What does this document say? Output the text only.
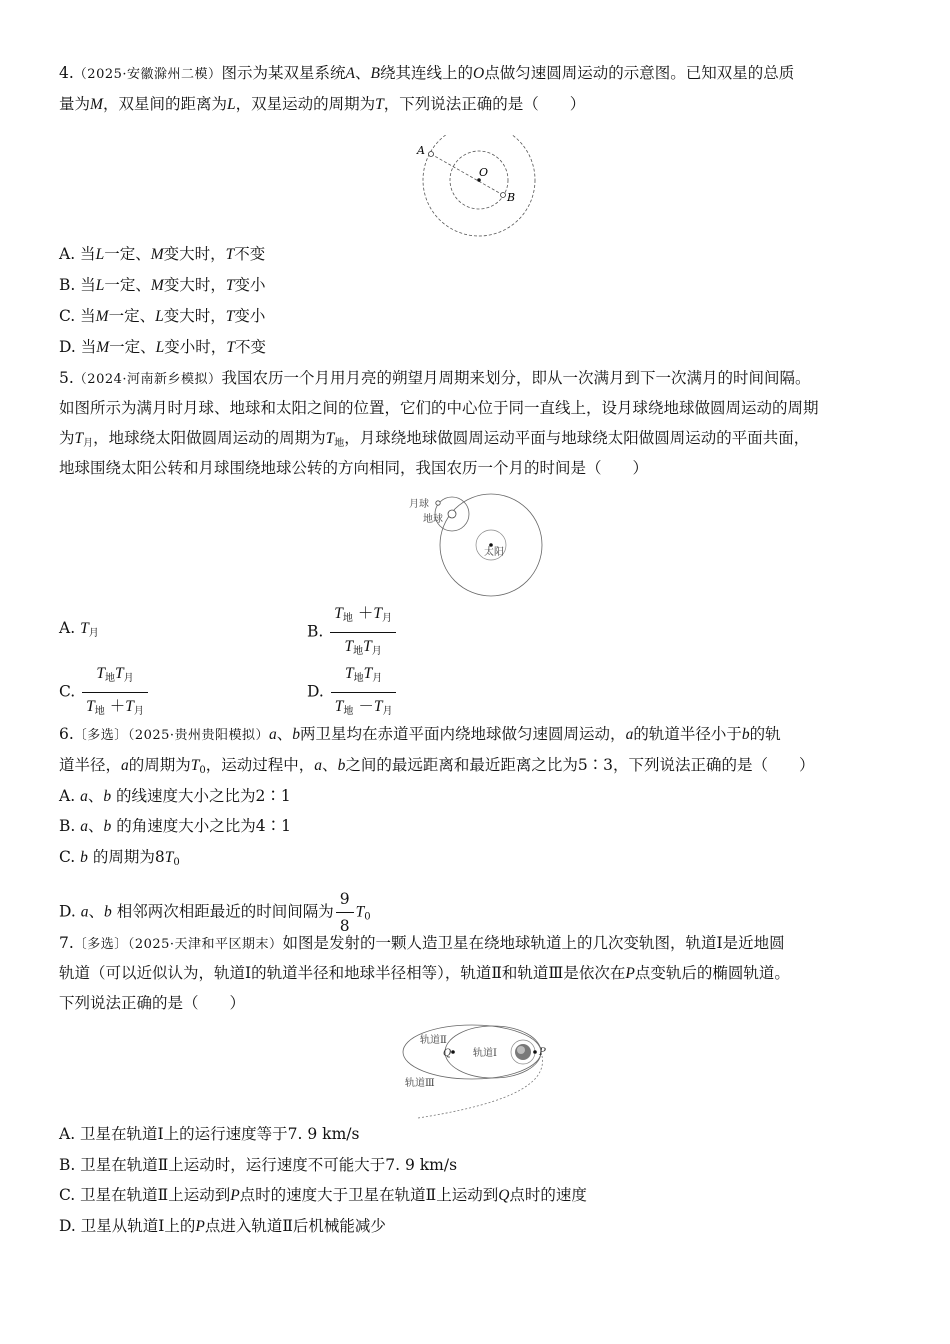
4.（2025·安徽滁州二模）图示为某双星系统A、B绕其连线上的O点做匀速圆周运动的示意图。已知双星的总质
量为M，双星间的距离为L，双星运动的周期为T，下列说法正确的是（　　）
A
O
B
A. 当L一定、M变大时，T不变
B. 当L一定、M变大时，T变小
C. 当M一定、L变大时，T变小
D. 当M一定、L变小时，T不变
5.（2024·河南新乡模拟）我国农历一个月用月亮的朔望月周期来划分，即从一次满月到下一次满月的时间间隔。
如图所示为满月时月球、地球和太阳之间的位置，它们的中心位于同一直线上，设月球绕地球做圆周运动的周期
为$T_月$，地球绕太阳做圆周运动的周期为$T_地$，月球绕地球做圆周运动平面与地球绕太阳做圆周运动的平面共面，
地球围绕太阳公转和月球围绕地球公转的方向相同，我国农历一个月的时间是（　　）
月球
地球
太阳
A. $T_月$	B. $\frac{T_地 +T_月}{T_地T_月}$
C. $\frac{T_地T_月}{T_地 +T_月}$	D. $\frac{T_地T_月}{T_地 -T_月}$
6.〔多选〕（2025·贵州贵阳模拟）a、b两卫星均在赤道平面内绕地球做匀速圆周运动，a的轨道半径小于b的轨
道半径，a的周期为$T_0$，运动过程中，a、b之间的最远距离和最近距离之比为5∶3，下列说法正确的是（　　）
A. a、b 的线速度大小之比为2∶1
B. a、b 的角速度大小之比为4∶1
C. b 的周期为$8T_0$
D. a、b 相邻两次相距最近的时间间隔为 $\frac{9}{8} T_0$
7.〔多选〕（2025·天津和平区期末）如图是发射的一颗人造卫星在绕地球轨道上的几次变轨图，轨道Ⅰ是近地圆
轨道（可以近似认为，轨道Ⅰ的轨道半径和地球半径相等），轨道Ⅱ和轨道Ⅲ是依次在P点变轨后的椭圆轨道。
下列说法正确的是（　　）
轨道Ⅱ
轨道Ⅰ
轨道Ⅲ
P
Q
A. 卫星在轨道Ⅰ上的运行速度等于7. 9 km/s
B. 卫星在轨道Ⅱ上运动时，运行速度不可能大于7. 9 km/s
C. 卫星在轨道Ⅱ上运动到P点时的速度大于卫星在轨道Ⅱ上运动到Q点时的速度
D. 卫星从轨道Ⅰ上的P点进入轨道Ⅱ后机械能减少
